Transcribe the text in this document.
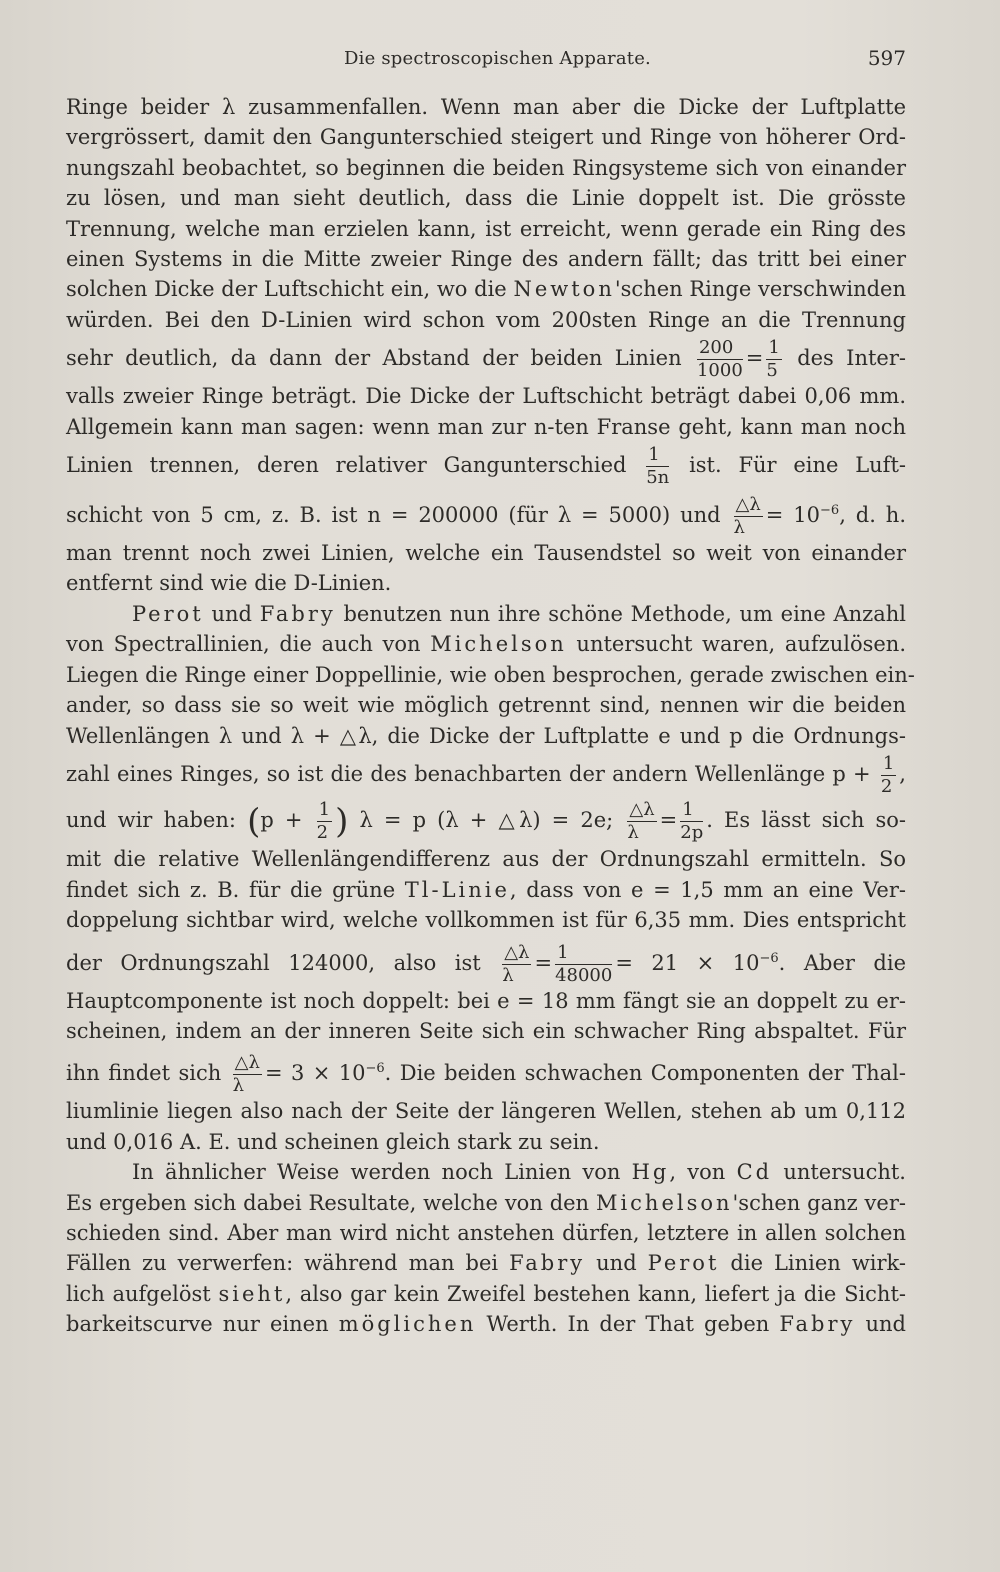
Die spectroscopischen Apparate.	597
Ringe beider λ zusammenfallen. Wenn man aber die Dicke der Luftplatte
vergrössert, damit den Gangunterschied steigert und Ringe von höherer Ord-
nungszahl beobachtet, so beginnen die beiden Ringsysteme sich von einander
zu lösen, und man sieht deutlich, dass die Linie doppelt ist. Die grösste
Trennung, welche man erzielen kann, ist erreicht, wenn gerade ein Ring des
einen Systems in die Mitte zweier Ringe des andern fällt; das tritt bei einer
solchen Dicke der Luftschicht ein, wo die Newton'schen Ringe verschwinden
würden. Bei den D-Linien wird schon vom 200sten Ringe an die Trennung
sehr deutlich, da dann der Abstand der beiden Linien $\frac{200}{1000} = \frac{1}{5}$ des Inter-
valls zweier Ringe beträgt. Die Dicke der Luftschicht beträgt dabei 0,06 mm.
Allgemein kann man sagen: wenn man zur n-ten Franse geht, kann man noch
Linien trennen, deren relativer Gangunterschied $\frac{1}{5n}$ ist. Für eine Luft-
schicht von 5 cm, z. B. ist n = 200000 (für λ = 5000) und $\frac{\triangle\lambda}{\lambda} = 10^{-6}$, d. h.
man trennt noch zwei Linien, welche ein Tausendstel so weit von einander
entfernt sind wie die D-Linien.
Perot und Fabry benutzen nun ihre schöne Methode, um eine Anzahl
von Spectrallinien, die auch von Michelson untersucht waren, aufzulösen.
Liegen die Ringe einer Doppellinie, wie oben besprochen, gerade zwischen ein-
ander, so dass sie so weit wie möglich getrennt sind, nennen wir die beiden
Wellenlängen λ und λ + △λ, die Dicke der Luftplatte e und p die Ordnungs-
zahl eines Ringes, so ist die des benachbarten der andern Wellenlänge $p + \frac{1}{2}$ ,
und wir haben: ($p + \frac{1}{2}$ ) λ = p (λ + △λ) = 2e; $\frac{\triangle\lambda}{\lambda} = \frac{1}{2p}$ . Es lässt sich so-
mit die relative Wellenlängendifferenz aus der Ordnungszahl ermitteln. So
findet sich z. B. für die grüne Tl-Linie, dass von e = 1,5 mm an eine Ver-
doppelung sichtbar wird, welche vollkommen ist für 6,35 mm. Dies entspricht
der Ordnungszahl 124000, also ist $\frac{\triangle\lambda}{\lambda} = \frac{1}{48000} = 21 \times 10^{-6}$. Aber die
Hauptcomponente ist noch doppelt: bei e = 18 mm fängt sie an doppelt zu er-
scheinen, indem an der inneren Seite sich ein schwacher Ring abspaltet. Für
ihn findet sich $\frac{\triangle\lambda}{\lambda} = 3 \times 10^{-6}$. Die beiden schwachen Componenten der Thal-
liumlinie liegen also nach der Seite der längeren Wellen, stehen ab um 0,112
und 0,016 A. E. und scheinen gleich stark zu sein.
In ähnlicher Weise werden noch Linien von Hg, von Cd untersucht.
Es ergeben sich dabei Resultate, welche von den Michelson'schen ganz ver-
schieden sind. Aber man wird nicht anstehen dürfen, letztere in allen solchen
Fällen zu verwerfen: während man bei Fabry und Perot die Linien wirk-
lich aufgelöst sieht, also gar kein Zweifel bestehen kann, liefert ja die Sicht-
barkeitscurve nur einen möglichen Werth. In der That geben Fabry und
